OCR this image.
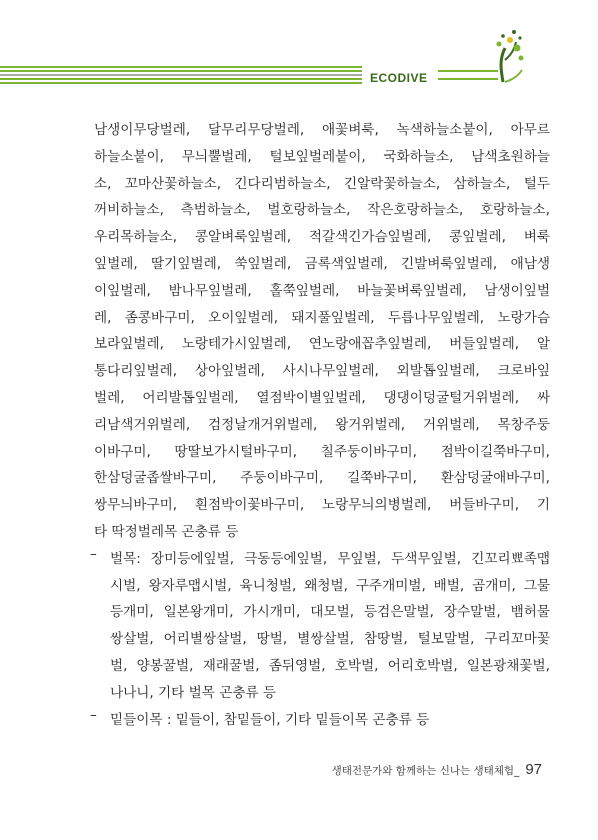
ECODIVE
남생이무당벌레, 달무리무당벌레, 애꽃벼룩, 녹색하늘소붙이, 아무르
하늘소붙이, 무늬뿔벌레, 털보잎벌레붙이, 국화하늘소, 남색초원하늘
소, 꼬마산꽃하늘소, 긴다리범하늘소, 긴알락꽃하늘소, 삼하늘소, 털두
꺼비하늘소, 측범하늘소, 벌호랑하늘소, 작은호랑하늘소, 호랑하늘소,
우리목하늘소, 콩알벼룩잎벌레, 적갈색긴가슴잎벌레, 콩잎벌레, 벼룩
잎벌레, 딸기잎벌레, 쑥잎벌레, 금록색잎벌레, 긴발벼룩잎벌레, 애남생
이잎벌레, 밤나무잎벌레, 홀쭉잎벌레, 바늘꽃벼룩잎벌레, 남생이잎벌
레, 좀콩바구미, 오이잎벌레, 돼지풀잎벌레, 두릅나무잎벌레, 노랑가슴
보라잎벌레, 노랑테가시잎벌레, 연노랑애꼽추잎벌레, 버들잎벌레, 알
통다리잎벌레, 상아잎벌레, 사시나무잎벌레, 외발톱잎벌레, 크로바잎
벌레, 어리발톱잎벌레, 열점박이별잎벌레, 댕댕이덩굴털거위벌레, 싸
리남색거위벌레, 검정날개거위벌레, 왕거위벌레, 거위벌레, 목창주둥
이바구미, 땅딸보가시털바구미, 칠주둥이바구미, 점박이길쭉바구미,
한삼덩굴좁쌀바구미, 주둥이바구미, 길쭉바구미, 환삼덩굴애바구미,
쌍무늬바구미, 흰점박이꽃바구미, 노랑무늬의병벌레, 버들바구미, 기
타 딱정벌레목 곤충류 등
– 벌목: 장미등에잎벌, 극동등에잎벌, 무잎벌, 두색무잎벌, 긴꼬리뾰족맵
시벌, 왕자루맵시벌, 육니청벌, 왜청벌, 구주개미벌, 배벌, 곰개미, 그물
등개미, 일본왕개미, 가시개미, 대모벌, 등검은말벌, 장수말벌, 뱀허물
쌍살벌, 어리별쌍살벌, 땅벌, 별쌍살벌, 참땅벌, 털보말벌, 구리꼬마꽃
벌, 양봉꿀벌, 재래꿀벌, 좀뒤영벌, 호박벌, 어리호박벌, 일본광채꽃벌,
나나니, 기타 벌목 곤충류 등
– 밑들이목 : 밑들이, 참밑들이, 기타 밑들이목 곤충류 등
생태전문가와 함께하는 신나는 생태체험_ 97
